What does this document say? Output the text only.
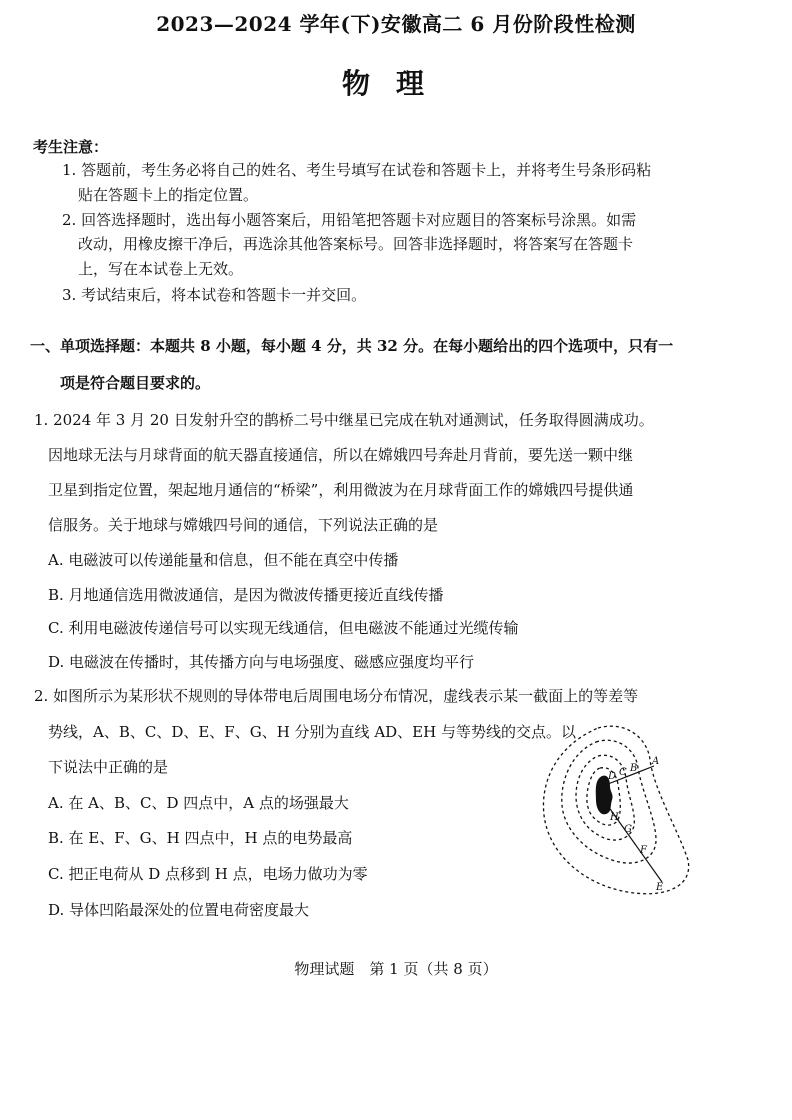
2023—2024 学年(下)安徽高二 6 月份阶段性检测
物理
考生注意：
1. 答题前，考生务必将自己的姓名、考生号填写在试卷和答题卡上，并将考生号条形码粘
贴在答题卡上的指定位置。
2. 回答选择题时，选出每小题答案后，用铅笔把答题卡对应题目的答案标号涂黑。如需
改动，用橡皮擦干净后，再选涂其他答案标号。回答非选择题时，将答案写在答题卡
上，写在本试卷上无效。
3. 考试结束后，将本试卷和答题卡一并交回。
一、单项选择题：本题共 8 小题，每小题 4 分，共 32 分。在每小题给出的四个选项中，只有一
项是符合题目要求的。
1. 2024 年 3 月 20 日发射升空的鹊桥二号中继星已完成在轨对通测试，任务取得圆满成功。
因地球无法与月球背面的航天器直接通信，所以在嫦娥四号奔赴月背前，要先送一颗中继
卫星到指定位置，架起地月通信的“桥梁”，利用微波为在月球背面工作的嫦娥四号提供通
信服务。关于地球与嫦娥四号间的通信，下列说法正确的是
A. 电磁波可以传递能量和信息，但不能在真空中传播
B. 月地通信选用微波通信，是因为微波传播更接近直线传播
C. 利用电磁波传递信号可以实现无线通信，但电磁波不能通过光缆传输
D. 电磁波在传播时，其传播方向与电场强度、磁感应强度均平行
2. 如图所示为某形状不规则的导体带电后周围电场分布情况，虚线表示某一截面上的等差等
势线，A、B、C、D、E、F、G、H 分别为直线 AD、EH 与等势线的交点。以
下说法中正确的是
A. 在 A、B、C、D 四点中，A 点的场强最大
B. 在 E、F、G、H 四点中，H 点的电势最高
C. 把正电荷从 D 点移到 H 点，电场力做功为零
D. 导体凹陷最深处的位置电荷密度最大
D C B
A
H
G
F
E
物理试题　第 1 页（共 8 页）
